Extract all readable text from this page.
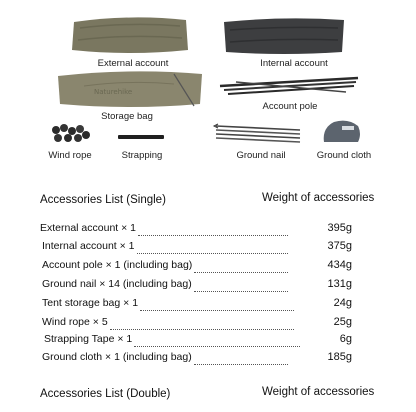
External account	Internal account
Naturehike
Storage bag
Account pole
Wind rope	Strapping	Ground nail	Ground cloth
Accessories List (Single)	Weight of accessories
External account × 1	395g
Internal account × 1	375g
Account pole × 1 (including bag)	434g
Ground nail × 14 (including bag)	131g
Tent storage bag × 1	24g
Wind rope × 5	25g
Strapping Tape × 1	6g
Ground cloth × 1 (including bag)	185g
Accessories List (Double)	Weight of accessories
